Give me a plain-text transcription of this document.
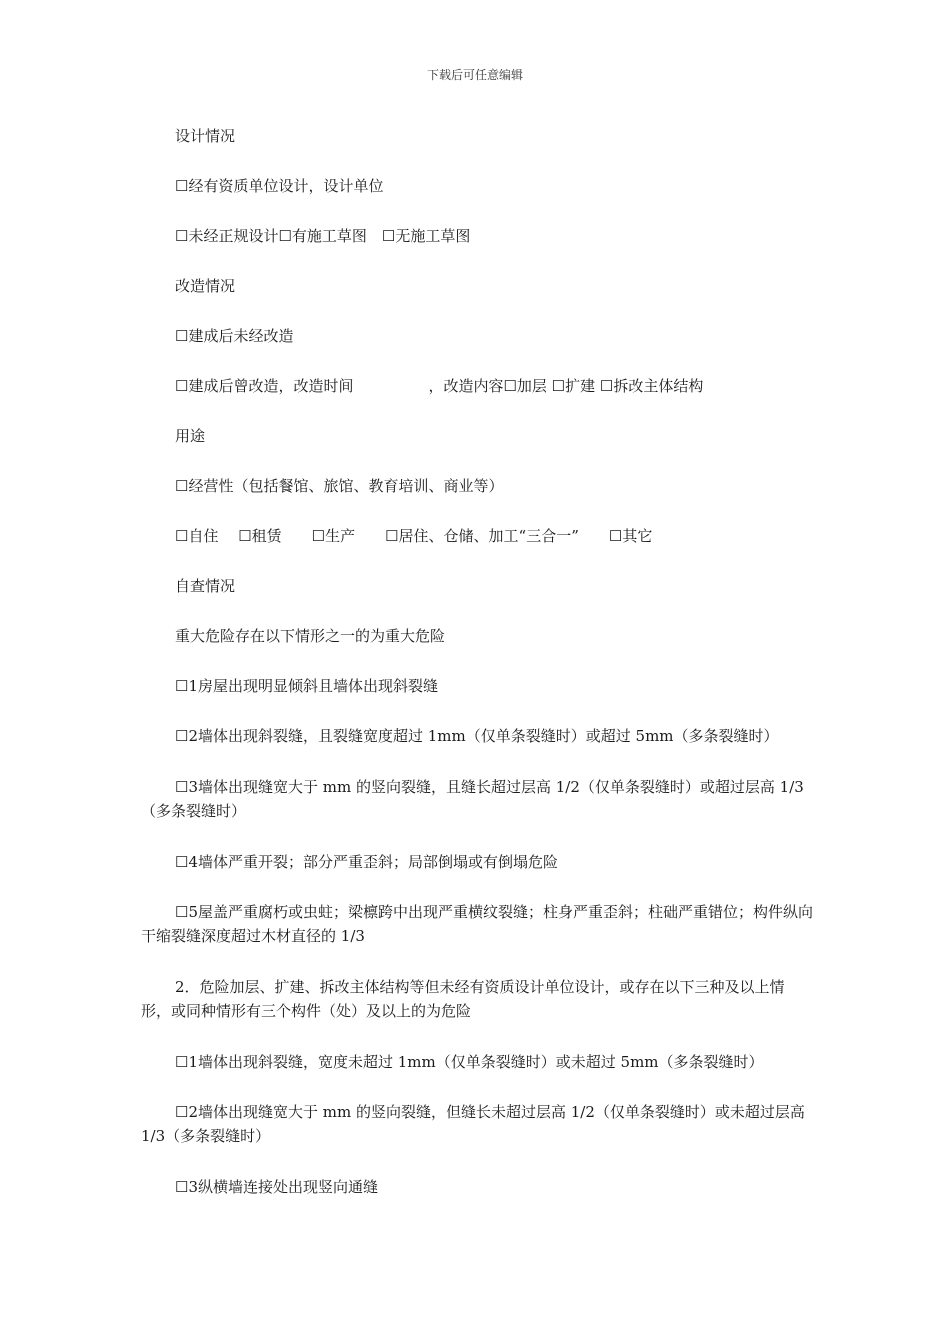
下载后可任意编辑

设计情况

☐经有资质单位设计，设计单位

☐未经正规设计☐有施工草图　☐无施工草图

改造情况

☐建成后未经改造

☐建成后曾改造，改造时间　　　　　，改造内容☐加层 ☐扩建 ☐拆改主体结构

用途

☐经营性（包括餐馆、旅馆、教育培训、商业等）

☐自住　 ☐租赁　　☐生产　　☐居住、仓储、加工“三合一”　　☐其它

自查情况

重大危险存在以下情形之一的为重大危险

☐1房屋出现明显倾斜且墙体出现斜裂缝

☐2墙体出现斜裂缝，且裂缝宽度超过 1mm（仅单条裂缝时）或超过 5mm（多条裂缝时）

☐3墙体出现缝宽大于 mm 的竖向裂缝，且缝长超过层高 1/2（仅单条裂缝时）或超过层高 1/3（多条裂缝时）

☐4墙体严重开裂；部分严重歪斜；局部倒塌或有倒塌危险

☐5屋盖严重腐朽或虫蛀；梁檩跨中出现严重横纹裂缝；柱身严重歪斜；柱础严重错位；构件纵向干缩裂缝深度超过木材直径的 1/3

2．危险加层、扩建、拆改主体结构等但未经有资质设计单位设计，或存在以下三种及以上情形，或同种情形有三个构件（处）及以上的为危险

☐1墙体出现斜裂缝，宽度未超过 1mm（仅单条裂缝时）或未超过 5mm（多条裂缝时）

☐2墙体出现缝宽大于 mm 的竖向裂缝，但缝长未超过层高 1/2（仅单条裂缝时）或未超过层高 1/3（多条裂缝时）

☐3纵横墙连接处出现竖向通缝
